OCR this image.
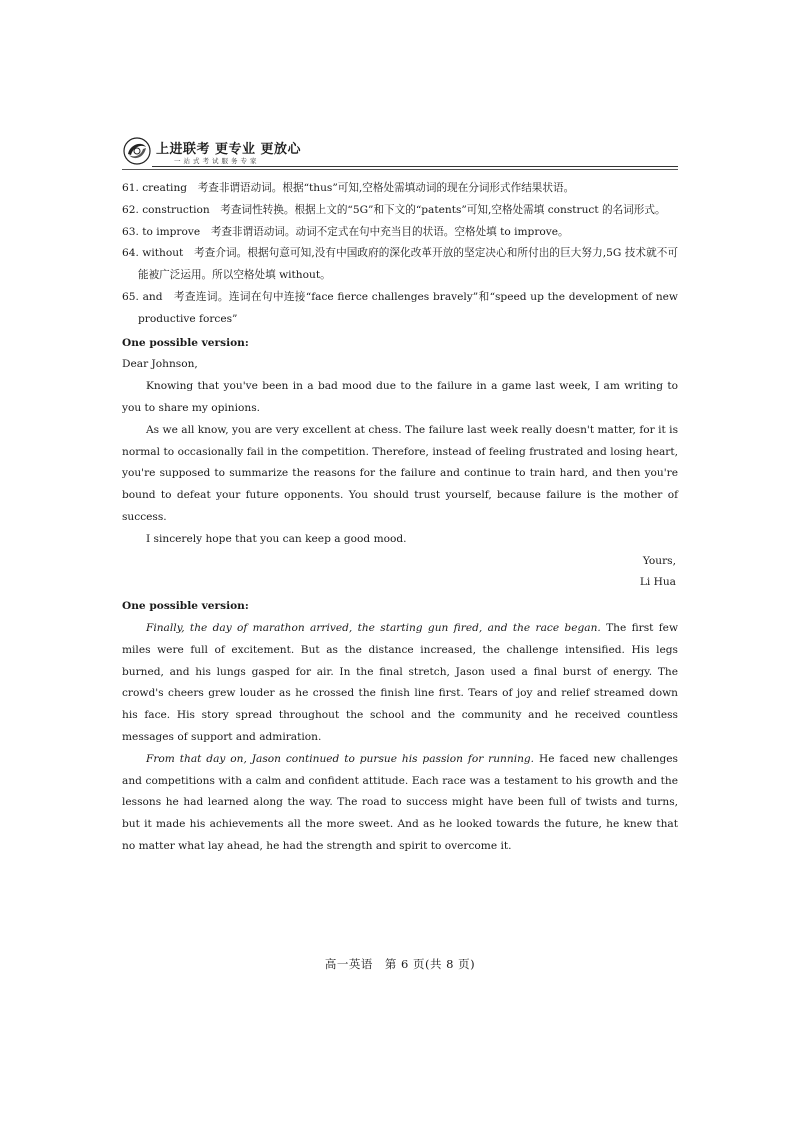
上进联考 更专业 更放心
一站式考试服务专家

61. creating　考查非谓语动词。根据“thus”可知,空格处需填动词的现在分词形式作结果状语。

62. construction　考查词性转换。根据上文的“5G”和下文的“patents”可知,空格处需填 construct 的名词形式。

63. to improve　考查非谓语动词。动词不定式在句中充当目的状语。空格处填 to improve。

64. without　考查介词。根据句意可知,没有中国政府的深化改革开放的坚定决心和所付出的巨大努力,5G 技术就不可能被广泛运用。所以空格处填 without。

65. and　考查连词。连词在句中连接“face fierce challenges bravely”和“speed up the development of new productive forces”

One possible version:

Dear Johnson,

Knowing that you've been in a bad mood due to the failure in a game last week, I am writing to you to share my opinions.

As we all know, you are very excellent at chess. The failure last week really doesn't matter, for it is normal to occasionally fail in the competition. Therefore, instead of feeling frustrated and losing heart, you're supposed to summarize the reasons for the failure and continue to train hard, and then you're bound to defeat your future opponents. You should trust yourself, because failure is the mother of success.

I sincerely hope that you can keep a good mood.

Yours,

Li Hua

One possible version:

Finally, the day of marathon arrived, the starting gun fired, and the race began. The first few miles were full of excitement. But as the distance increased, the challenge intensified. His legs burned, and his lungs gasped for air. In the final stretch, Jason used a final burst of energy. The crowd's cheers grew louder as he crossed the finish line first. Tears of joy and relief streamed down his face. His story spread throughout the school and the community and he received countless messages of support and admiration.

From that day on, Jason continued to pursue his passion for running. He faced new challenges and competitions with a calm and confident attitude. Each race was a testament to his growth and the lessons he had learned along the way. The road to success might have been full of twists and turns, but it made his achievements all the more sweet. And as he looked towards the future, he knew that no matter what lay ahead, he had the strength and spirit to overcome it.

高一英语　第 6 页(共 8 页)
